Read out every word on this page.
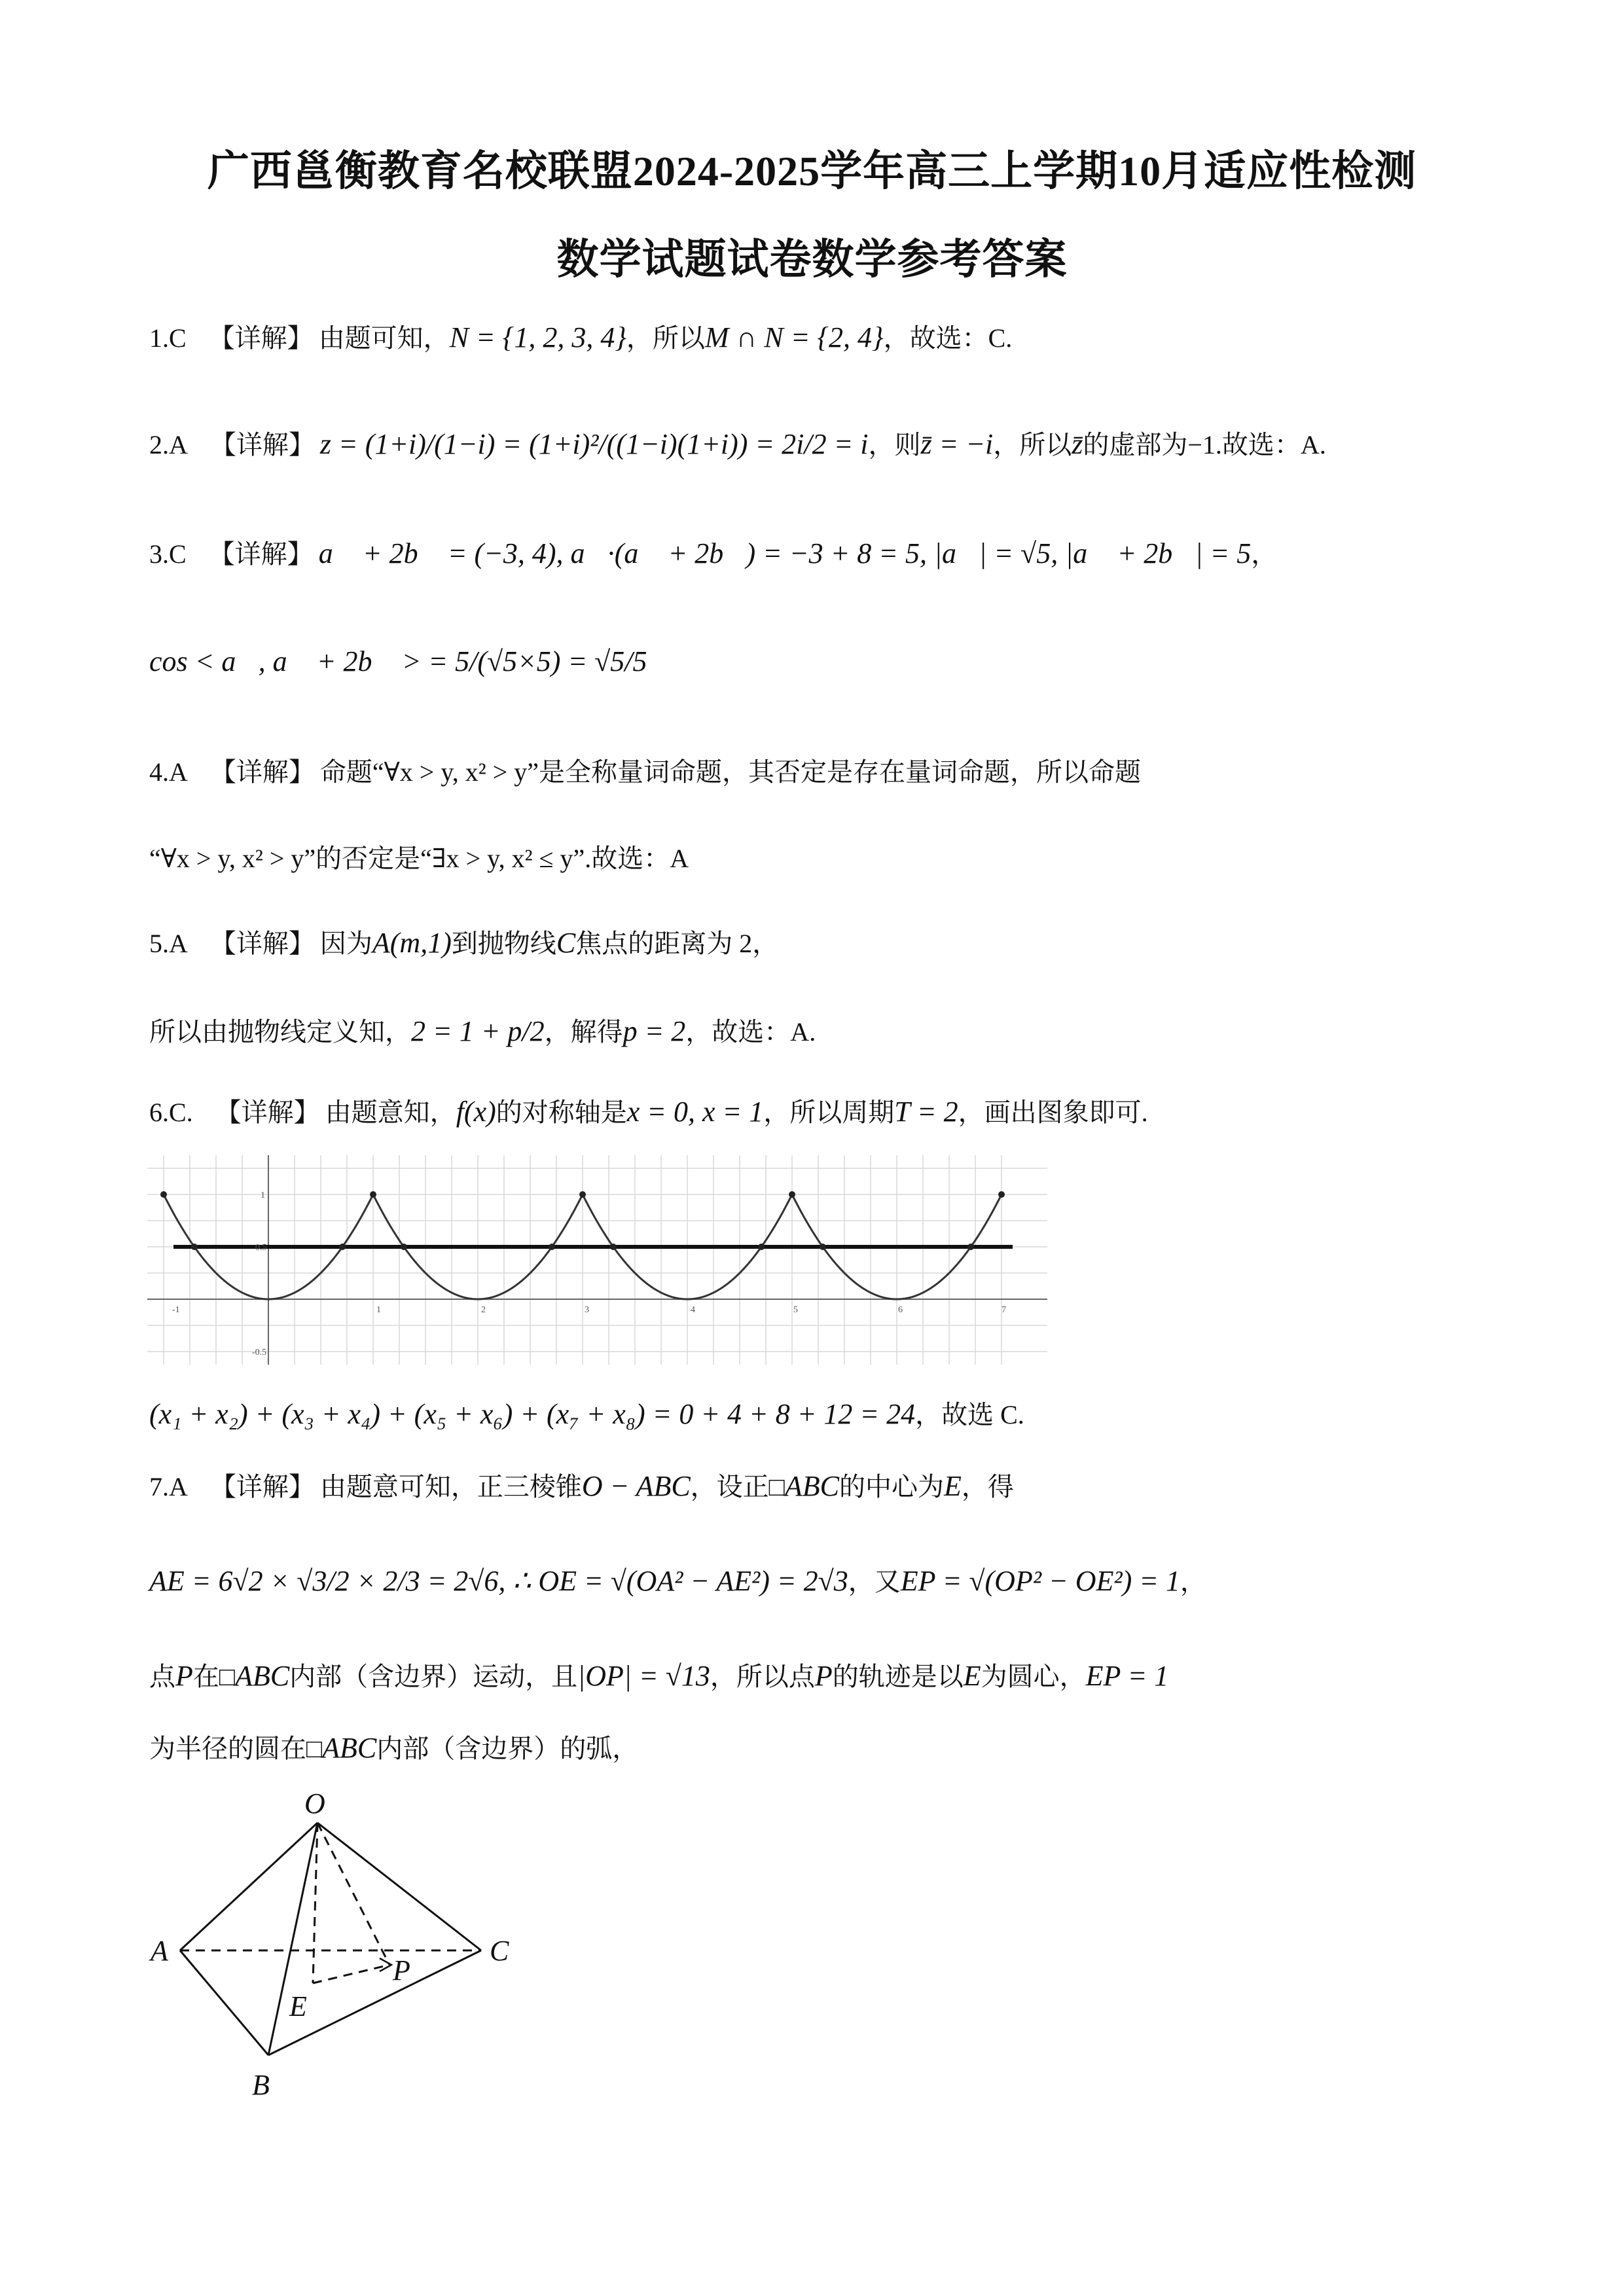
广西邕衡教育名校联盟2024-2025学年高三上学期10月适应性检测
数学试题试卷数学参考答案
1.C 【详解】 由题可知，N = {1, 2, 3, 4}，所以M ∩ N = {2, 4}，故选：C.
2.A 【详解】 z = (1+i)/(1−i) = (1+i)²/((1−i)(1+i)) = 2i/2 = i，则z̄ = −i，所以z̄的虚部为−1.故选：A.
3.C 【详解】 a⃗ + 2b⃗ = (−3, 4), a⃗·(a⃗ + 2b⃗) = −3 + 8 = 5, |a⃗| = √5, |a⃗ + 2b⃗| = 5，
cos < a⃗, a⃗ + 2b⃗ > = 5/(√5×5) = √5/5
4.A 【详解】 命题“∀x > y, x² > y”是全称量词命题，其否定是存在量词命题，所以命题
“∀x > y, x² > y”的否定是“∃x > y, x² ≤ y”.故选：A
5.A 【详解】 因为A(m,1)到抛物线C焦点的距离为 2，
所以由抛物线定义知，2 = 1 + p/2，解得p = 2，故选：A.
6.C. 【详解】 由题意知，f(x)的对称轴是x = 0, x = 1，所以周期T = 2，画出图象即可.
1
0.5
-0.5
-1	1	2	3	4	5	6	7
(x₁ + x₂) + (x₃ + x₄) + (x₅ + x₆) + (x₇ + x₈) = 0 + 4 + 8 + 12 = 24，故选 C.
7.A 【详解】 由题意可知，正三棱锥O − ABC，设正□ABC的中心为E，得
AE = 6√2 × √3/2 × 2/3 = 2√6, ∴ OE = √(OA² − AE²) = 2√3，又EP = √(OP² − OE²) = 1，
点P在□ABC内部（含边界）运动，且|OP| = √13，所以点P的轨迹是以E为圆心，EP = 1
为半径的圆在□ABC内部（含边界）的弧，
O
A	C
P
E
B
